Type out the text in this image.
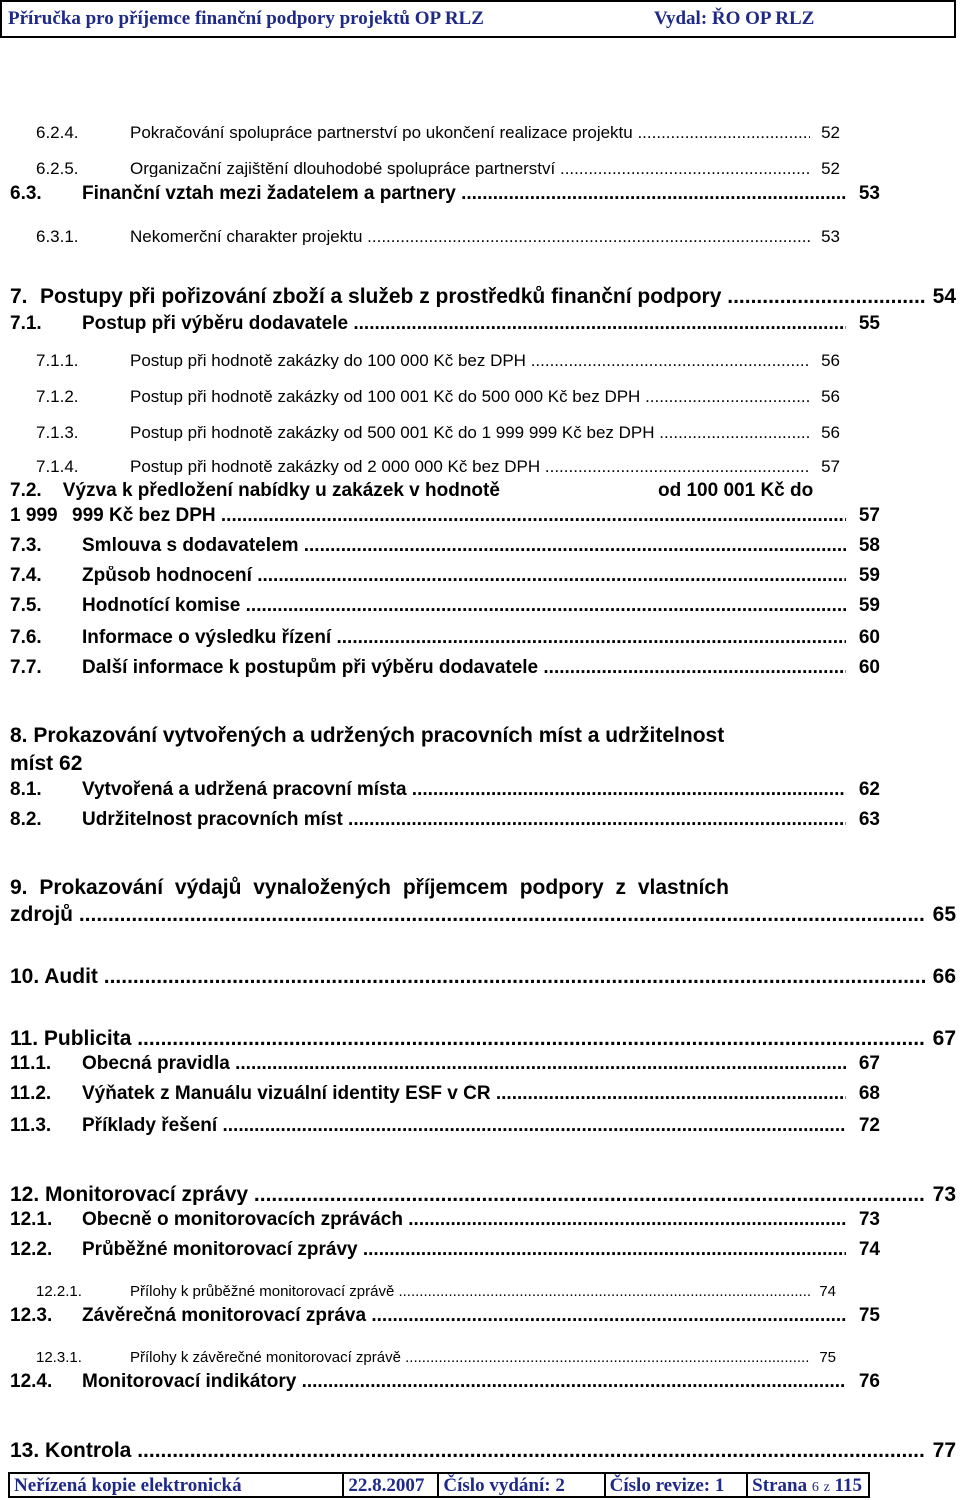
Příručka pro příjemce finanční podpory projektů OP RLZ	Vydal: ŘO OP RLZ
6.2.4.	Pokračování spolupráce partnerství po ukončení realizace projektu .....	52
6.2.5.	Organizační zajištění dlouhodobé spolupráce partnerství .....	52
6.3. Finanční vztah mezi žadatelem a partnery .....	53
6.3.1.	Nekomerční charakter projektu .....	53
7. Postupy při pořizování zboží a služeb z prostředků finanční podpory .....	54
7.1. Postup při výběru dodavatele .....	55
7.1.1.	Postup při hodnotě zakázky do 100 000 Kč bez DPH .....	56
7.1.2.	Postup při hodnotě zakázky od 100 001 Kč do 500 000 Kč bez DPH .....	56
7.1.3.	Postup při hodnotě zakázky od 500 001 Kč do 1 999 999 Kč bez DPH .....	56
7.1.4.	Postup při hodnotě zakázky od 2 000 000 Kč bez DPH .....	57
7.2.    Výzva k předložení nabídky u zakázek v hodnotě	od 100 001 Kč do
1 999 999 Kč bez DPH .....	57
7.3. Smlouva s dodavatelem .....	58
7.4. Způsob hodnocení .....	59
7.5. Hodnotící komise .....	59
7.6. Informace o výsledku řízení .....	60
7.7. Další informace k postupům při výběru dodavatele .....	60
8. Prokazování vytvořených a udržených pracovních míst a udržitelnost
míst 62
8.1. Vytvořená a udržená pracovní místa .....	62
8.2. Udržitelnost pracovních míst .....	63
9. Prokazování výdajů vynaložených příjemcem podpory z vlastních
zdrojů .....	65
10. Audit .....	66
11. Publicita .....	67
11.1. Obecná pravidla .....	67
11.2. Výňatek z Manuálu vizuální identity ESF v ČR .....	68
11.3. Příklady řešení .....	72
12. Monitorovací zprávy .....	73
12.1. Obecně o monitorovacích zprávách .....	73
12.2. Průběžné monitorovací zprávy .....	74
12.2.1.	Přílohy k průběžné monitorovací zprávě .....	74
12.3. Závěrečná monitorovací zpráva .....	75
12.3.1.	Přílohy k závěrečné monitorovací zprávě .....	75
12.4. Monitorovací indikátory .....	76
13. Kontrola .....	77
Neřízená kopie elektronická	22.8.2007	Číslo vydání: 2	Číslo revize: 1	Strana 6 z 115
